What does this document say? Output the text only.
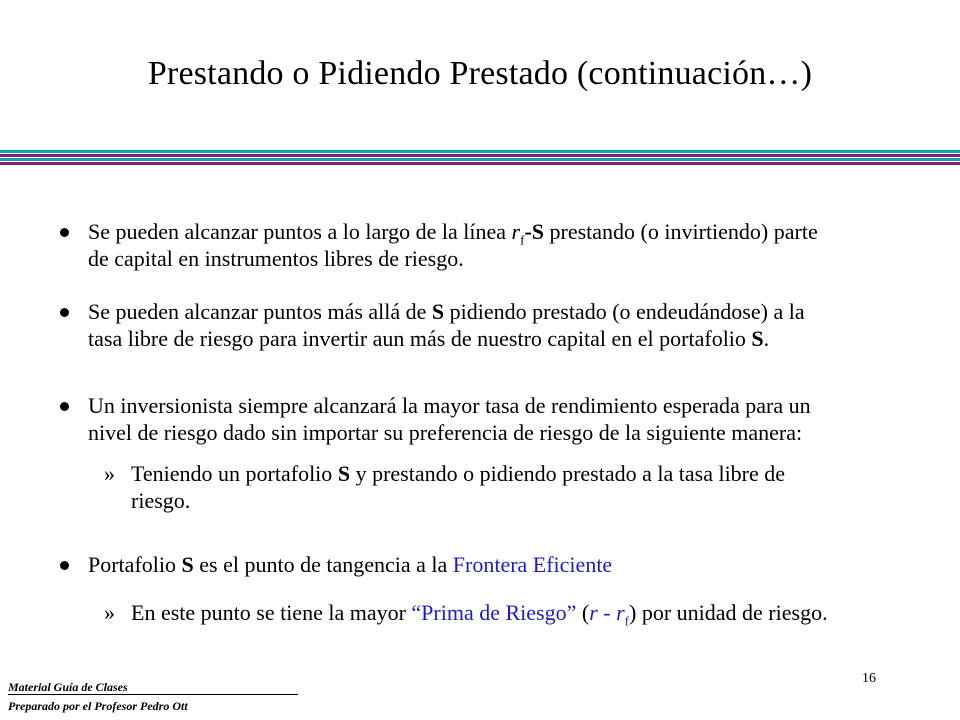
Prestando o Pidiendo Prestado (continuación…)
Se pueden alcanzar puntos a lo largo de la línea $r_f-S$ prestando (o invirtiendo) parte
de capital en instrumentos libres de riesgo.
Se pueden alcanzar puntos más allá de S pidiendo prestado (o endeudándose) a la
tasa libre de riesgo para invertir aun más de nuestro capital en el portafolio S.
Un inversionista siempre alcanzará la mayor tasa de rendimiento esperada para un
nivel de riesgo dado sin importar su preferencia de riesgo de la siguiente manera:
» Teniendo un portafolio S y prestando o pidiendo prestado a la tasa libre de
riesgo.
Portafolio S es el punto de tangencia a la Frontera Eficiente
» En este punto se tiene la mayor “Prima de Riesgo” $(r - r_f)$ por unidad de riesgo.
Material Guía de Clases
Preparado por el Profesor Pedro Ott
16
